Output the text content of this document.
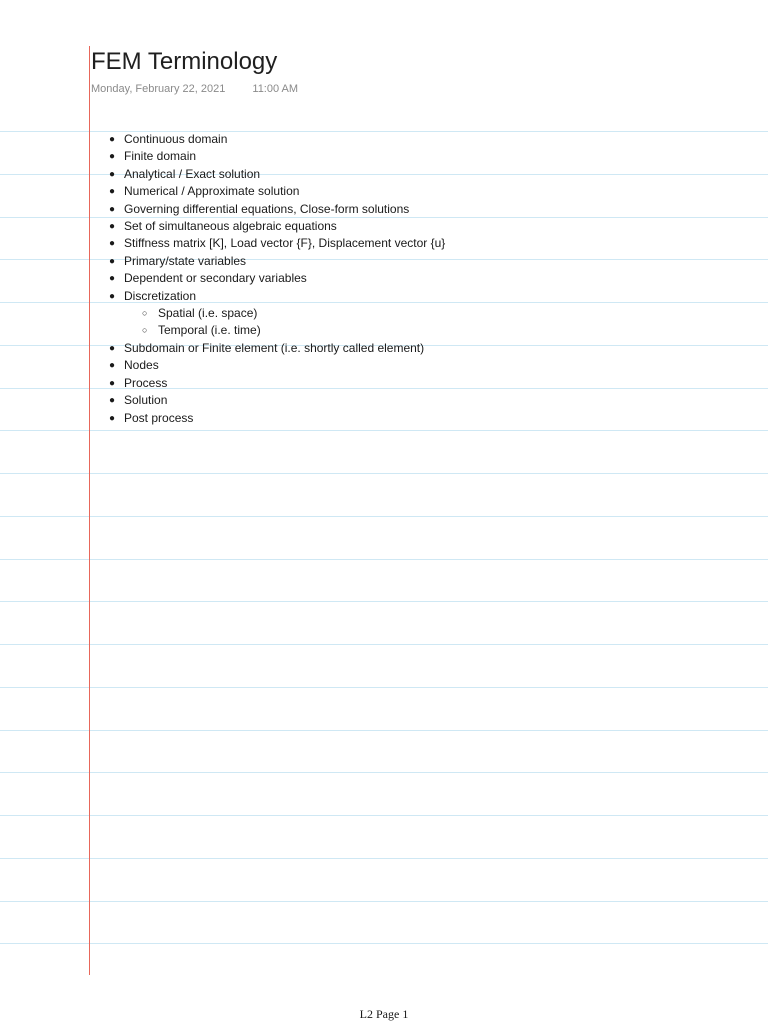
FEM Terminology
Monday, February 22, 2021 11:00 AM
● Continuous domain
● Finite domain
● Analytical / Exact solution
● Numerical / Approximate solution
● Governing differential equations, Close-form solutions
● Set of simultaneous algebraic equations
● Stiffness matrix [K], Load vector {F}, Displacement vector {u}
● Primary/state variables
● Dependent or secondary variables
● Discretization
○ Spatial (i.e. space)
○ Temporal (i.e. time)
● Subdomain or Finite element (i.e. shortly called element)
● Nodes
● Process
● Solution
● Post process
L2 Page 1
